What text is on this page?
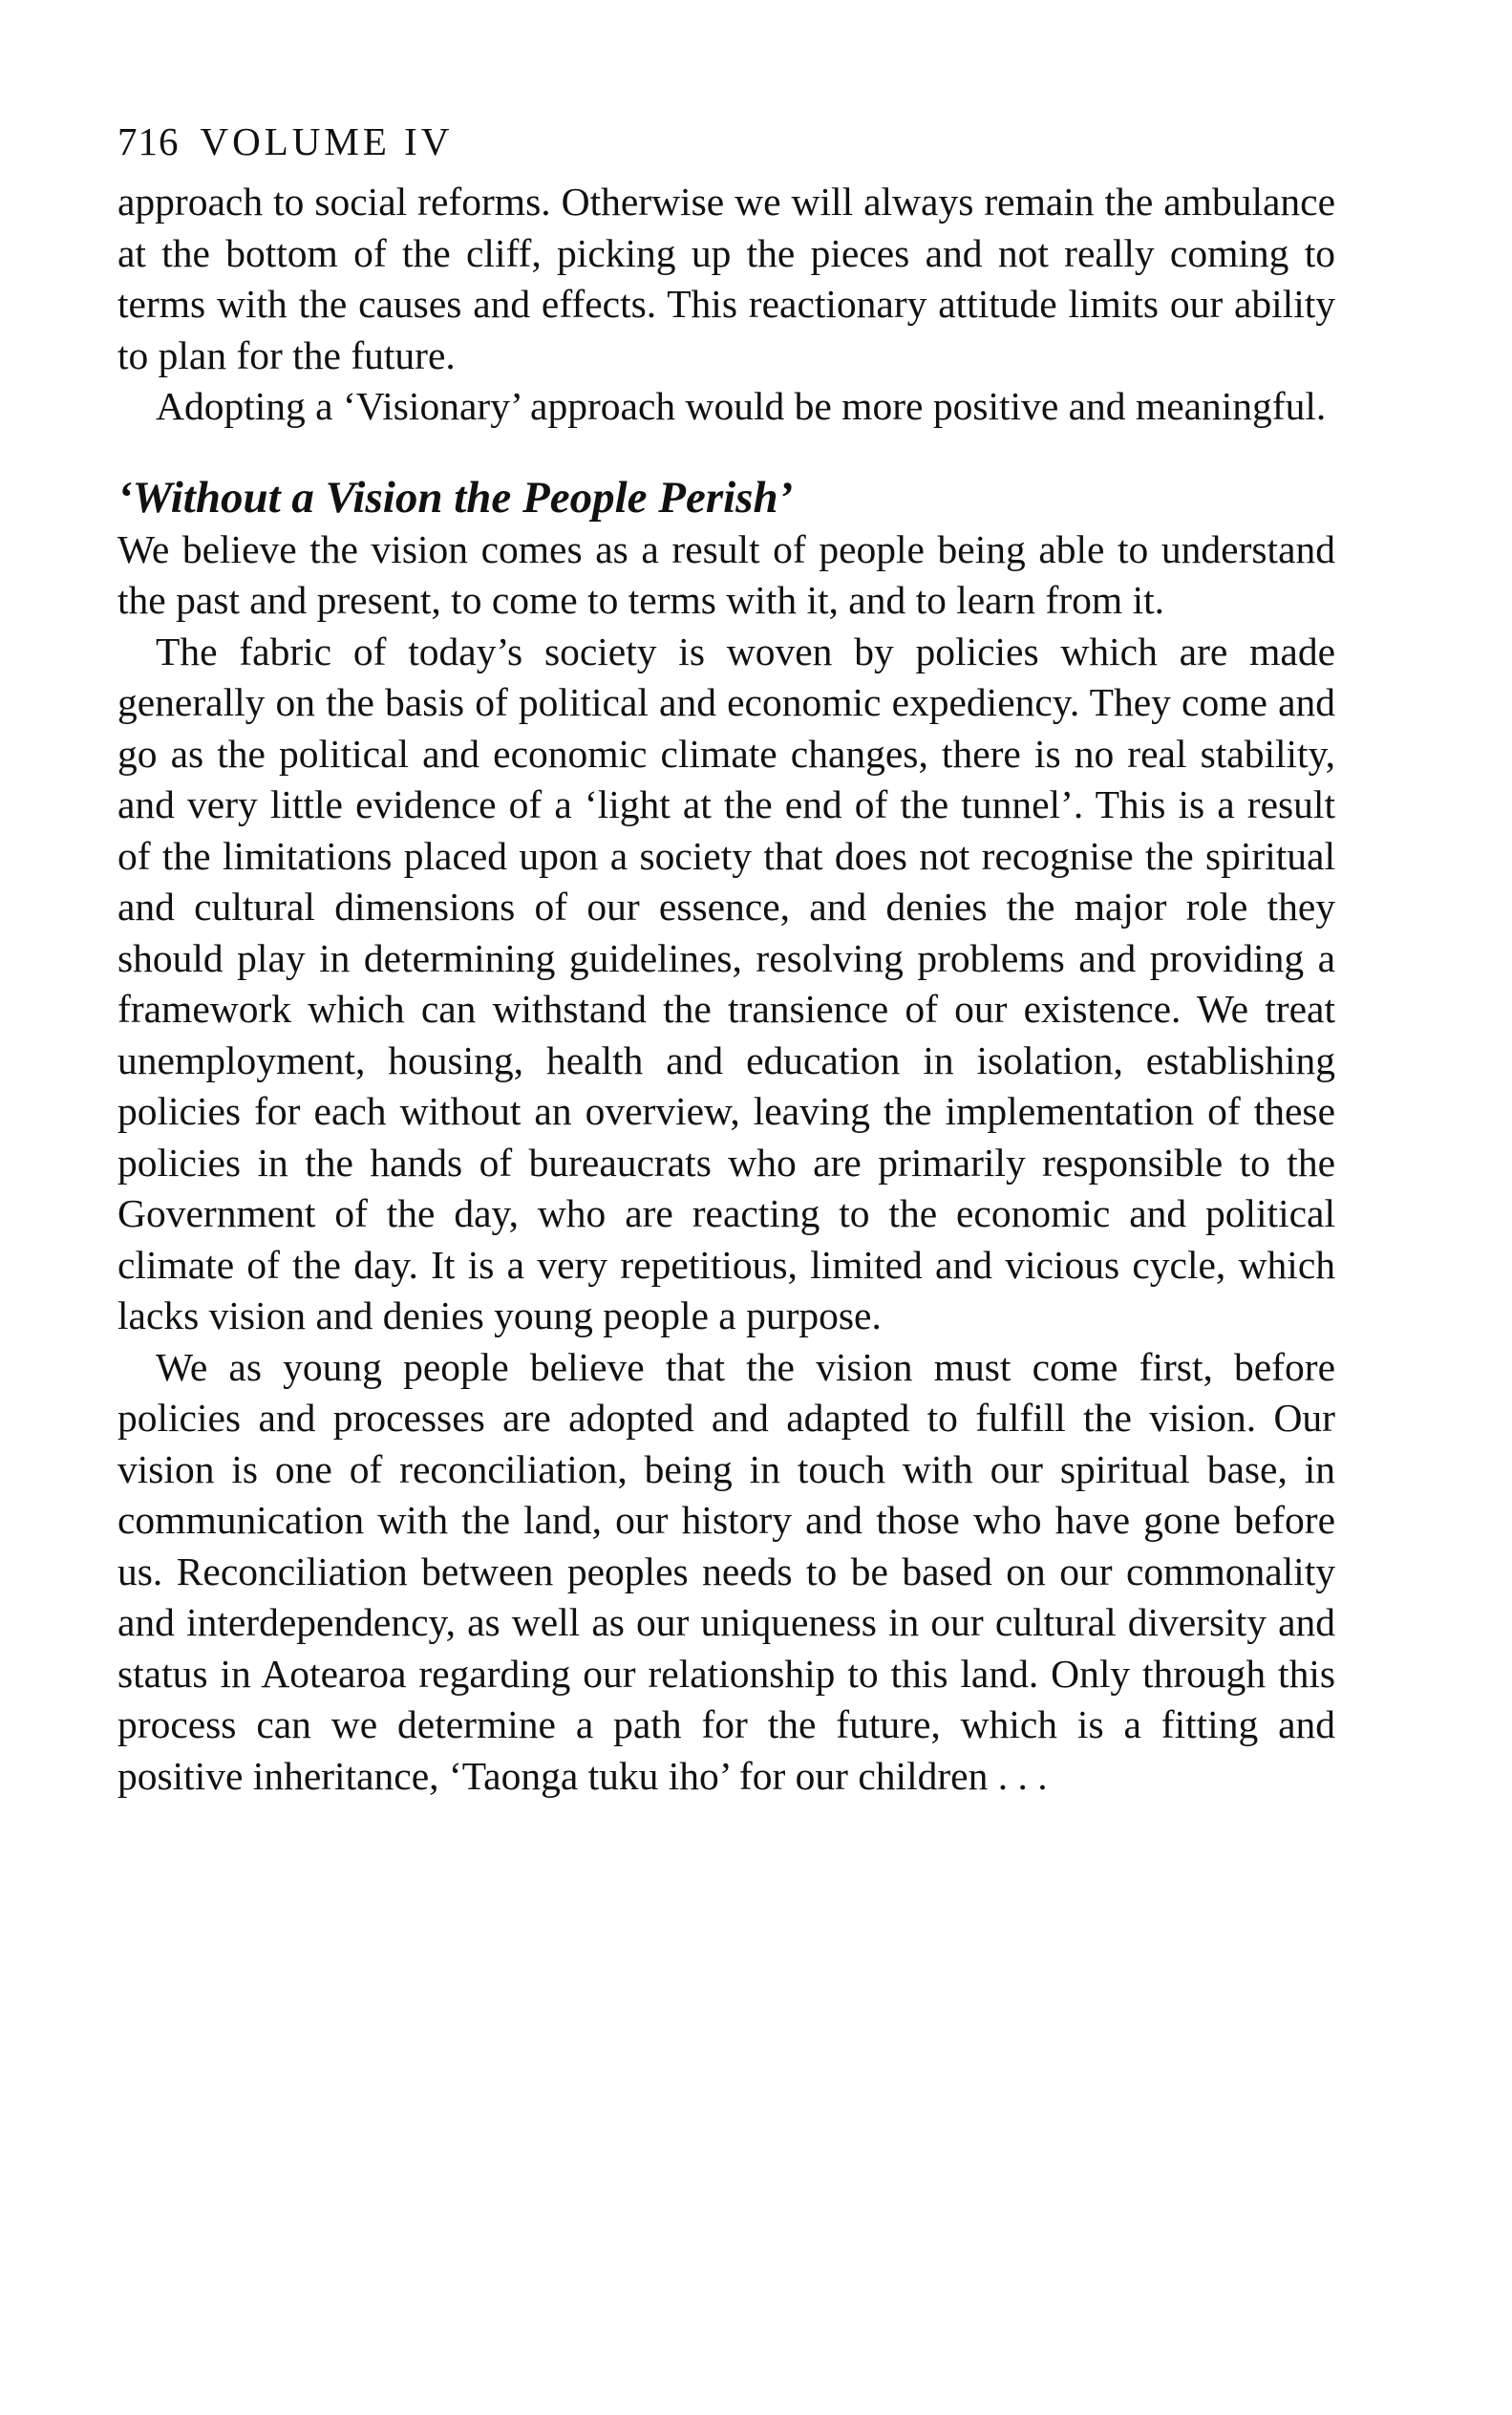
716 VOLUME IV

approach to social reforms. Otherwise we will always remain the ambulance at the bottom of the cliff, picking up the pieces and not really coming to terms with the causes and effects. This reactionary attitude limits our ability to plan for the future.

Adopting a ‘Visionary’ approach would be more positive and meaningful.

‘Without a Vision the People Perish’

We believe the vision comes as a result of people being able to understand the past and present, to come to terms with it, and to learn from it.

The fabric of today’s society is woven by policies which are made generally on the basis of political and economic expediency. They come and go as the political and economic climate changes, there is no real stability, and very little evidence of a ‘light at the end of the tunnel’. This is a result of the limitations placed upon a society that does not recognise the spiritual and cultural dimensions of our essence, and denies the major role they should play in determining guidelines, resolving problems and providing a framework which can withstand the transience of our existence. We treat unemployment, housing, health and education in isolation, establishing policies for each without an overview, leaving the implementation of these policies in the hands of bureaucrats who are primarily responsible to the Government of the day, who are reacting to the economic and political climate of the day. It is a very repetitious, limited and vicious cycle, which lacks vision and denies young people a purpose.

We as young people believe that the vision must come first, before policies and processes are adopted and adapted to fulfill the vision. Our vision is one of reconciliation, being in touch with our spiritual base, in communication with the land, our history and those who have gone before us. Reconciliation between peoples needs to be based on our commonality and interdependency, as well as our uniqueness in our cultural diversity and status in Aotearoa regarding our relationship to this land. Only through this process can we determine a path for the future, which is a fitting and positive inheritance, ‘Taonga tuku iho’ for our children . . .
